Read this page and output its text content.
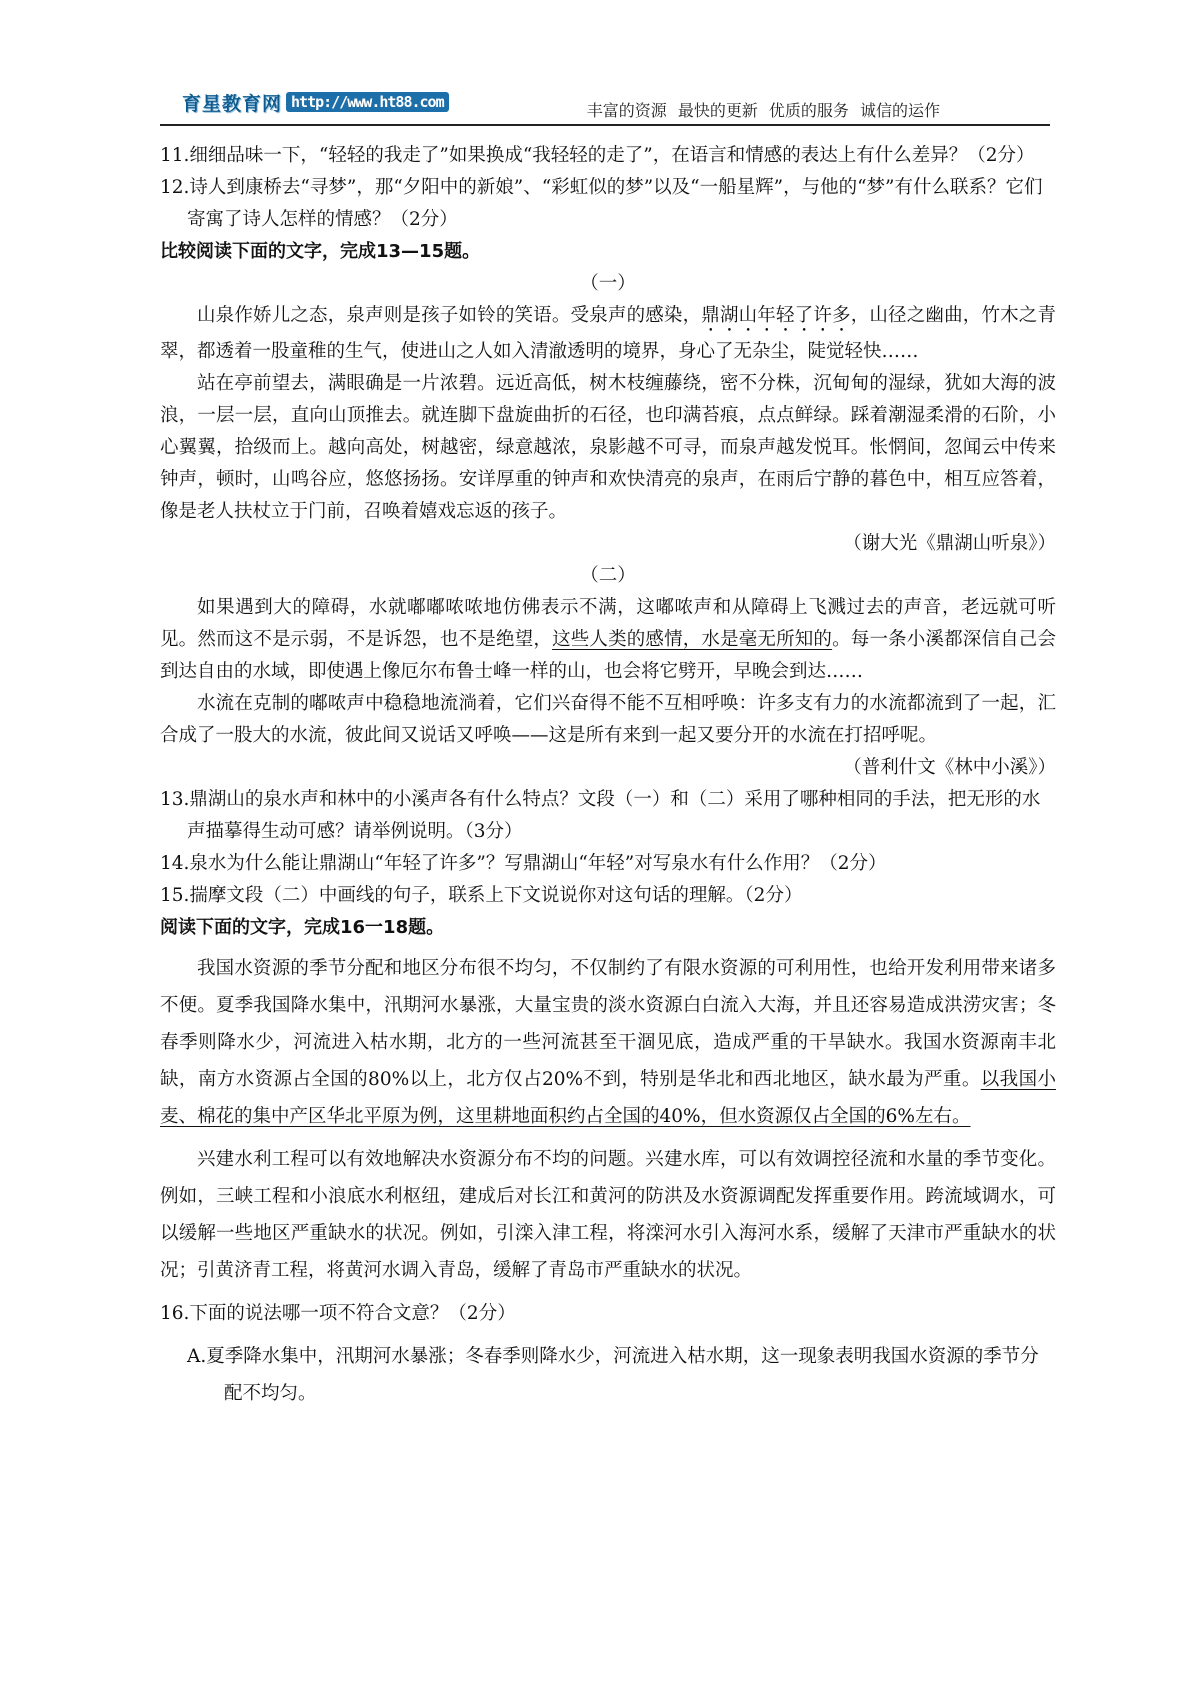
育星教育网 http://www.ht88.com	丰富的资源 最快的更新 优质的服务 诚信的运作
11.细细品味一下，“轻轻的我走了”如果换成“我轻轻的走了”，在语言和情感的表达上有什么差异？（2分）
12.诗人到康桥去“寻梦”，那“夕阳中的新娘”、“彩虹似的梦”以及“一船星辉”，与他的“梦”有什么联系？它们寄寓了诗人怎样的情感？（2分）
比较阅读下面的文字，完成13—15题。
（一）
山泉作娇儿之态，泉声则是孩子如铃的笑语。受泉声的感染，鼎湖山年轻了许多，山径之幽曲，竹木之青翠，都透着一股童稚的生气，使进山之人如入清澈透明的境界，身心了无杂尘，陡觉轻快……
站在亭前望去，满眼确是一片浓碧。远近高低，树木枝缠藤绕，密不分株，沉甸甸的湿绿，犹如大海的波浪，一层一层，直向山顶推去。就连脚下盘旋曲折的石径，也印满苔痕，点点鲜绿。踩着潮湿柔滑的石阶，小心翼翼，拾级而上。越向高处，树越密，绿意越浓，泉影越不可寻，而泉声越发悦耳。怅惘间，忽闻云中传来钟声，顿时，山鸣谷应，悠悠扬扬。安详厚重的钟声和欢快清亮的泉声，在雨后宁静的暮色中，相互应答着，像是老人扶杖立于门前，召唤着嬉戏忘返的孩子。
（谢大光《鼎湖山听泉》）
（二）
如果遇到大的障碍，水就嘟嘟哝哝地仿佛表示不满，这嘟哝声和从障碍上飞溅过去的声音，老远就可听见。然而这不是示弱，不是诉怨，也不是绝望，这些人类的感情，水是毫无所知的。每一条小溪都深信自己会到达自由的水域，即使遇上像厄尔布鲁士峰一样的山，也会将它劈开，早晚会到达……
水流在克制的嘟哝声中稳稳地流淌着，它们兴奋得不能不互相呼唤：许多支有力的水流都流到了一起，汇合成了一股大的水流，彼此间又说话又呼唤——这是所有来到一起又要分开的水流在打招呼呢。
（普利什文《林中小溪》）
13.鼎湖山的泉水声和林中的小溪声各有什么特点？文段（一）和（二）采用了哪种相同的手法，把无形的水声描摹得生动可感？请举例说明。（3分）
14.泉水为什么能让鼎湖山“年轻了许多”？写鼎湖山“年轻”对写泉水有什么作用？（2分）
15.揣摩文段（二）中画线的句子，联系上下文说说你对这句话的理解。（2分）
阅读下面的文字，完成16一18题。
我国水资源的季节分配和地区分布很不均匀，不仅制约了有限水资源的可利用性，也给开发利用带来诸多不便。夏季我国降水集中，汛期河水暴涨，大量宝贵的淡水资源白白流入大海，并且还容易造成洪涝灾害；冬春季则降水少，河流进入枯水期，北方的一些河流甚至干涸见底，造成严重的干旱缺水。我国水资源南丰北缺，南方水资源占全国的80%以上，北方仅占20%不到，特别是华北和西北地区，缺水最为严重。以我国小麦、棉花的集中产区华北平原为例，这里耕地面积约占全国的40%，但水资源仅占全国的6%左右。
兴建水利工程可以有效地解决水资源分布不均的问题。兴建水库，可以有效调控径流和水量的季节变化。例如，三峡工程和小浪底水利枢纽，建成后对长江和黄河的防洪及水资源调配发挥重要作用。跨流域调水，可以缓解一些地区严重缺水的状况。例如，引滦入津工程，将滦河水引入海河水系，缓解了天津市严重缺水的状况；引黄济青工程，将黄河水调入青岛，缓解了青岛市严重缺水的状况。
16.下面的说法哪一项不符合文意？（2分）
A.夏季降水集中，汛期河水暴涨；冬春季则降水少，河流进入枯水期，这一现象表明我国水资源的季节分配不均匀。
